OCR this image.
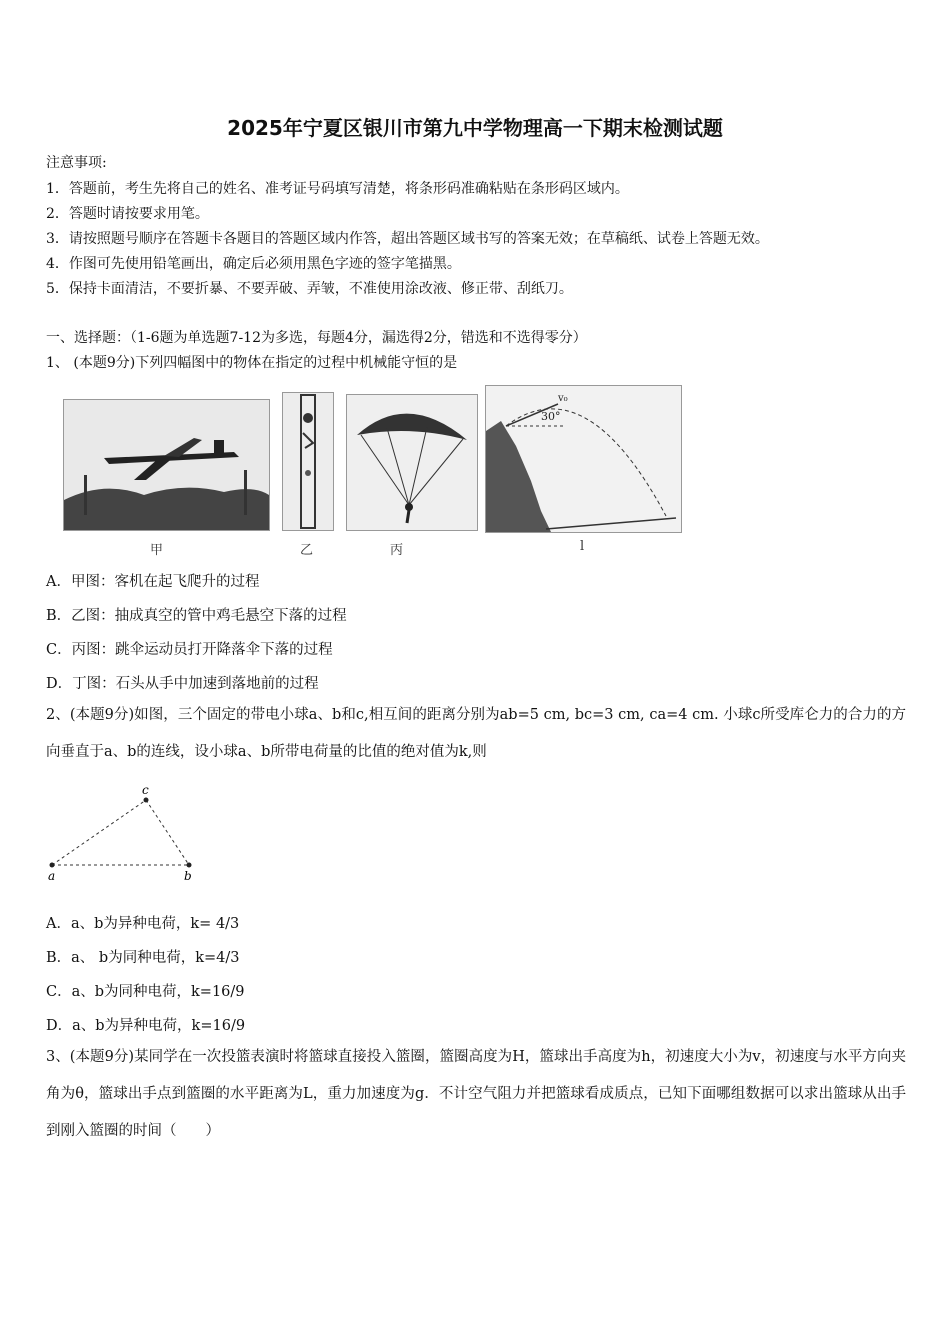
2025年宁夏区银川市第九中学物理高一下期末检测试题
注意事项:
1．答题前，考生先将自己的姓名、准考证号码填写清楚，将条形码准确粘贴在条形码区域内。
2．答题时请按要求用笔。
3．请按照题号顺序在答题卡各题目的答题区域内作答，超出答题区域书写的答案无效；在草稿纸、试卷上答题无效。
4．作图可先使用铅笔画出，确定后必须用黑色字迹的签字笔描黑。
5．保持卡面清洁，不要折暴、不要弄破、弄皱，不准使用涂改液、修正带、刮纸刀。
一、选择题：（1-6题为单选题7-12为多选，每题4分，漏选得2分，错选和不选得零分）
1、 (本题9分)下列四幅图中的物体在指定的过程中机械能守恒的是
30°
v₀
甲	乙	丙	l
A．甲图：客机在起飞爬升的过程
B．乙图：抽成真空的管中鸡毛悬空下落的过程
C．丙图：跳伞运动员打开降落伞下落的过程
D．丁图：石头从手中加速到落地前的过程
2、(本题9分)如图，三个固定的带电小球a、b和c,相互间的距离分别为ab=5 cm, bc=3 cm, ca=4 cm. 小球c所受库仑力的合力的方向垂直于a、b的连线，设小球a、b所带电荷量的比值的绝对值为k,则
a	b
c
A．a、b为异种电荷，k= 4/3
B．a、 b为同种电荷，k=4/3
C．a、b为同种电荷，k=16/9
D．a、b为异种电荷，k=16/9
3、(本题9分)某同学在一次投篮表演时将篮球直接投入篮圈，篮圈高度为H，篮球出手高度为h，初速度大小为v，初速度与水平方向夹角为θ，篮球出手点到篮圈的水平距离为L，重力加速度为g．不计空气阻力并把篮球看成质点，已知下面哪组数据可以求出篮球从出手到刚入篮圈的时间（　　）
